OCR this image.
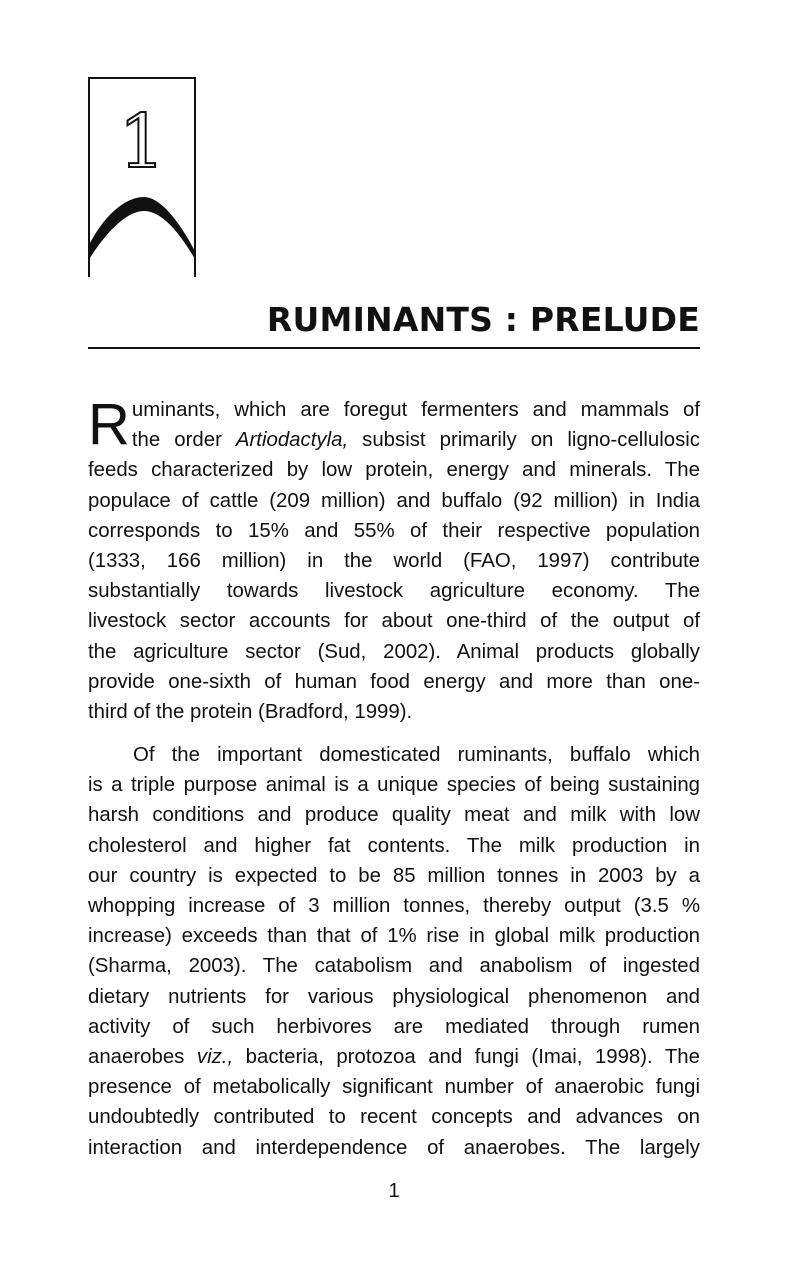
1
RUMINANTS : PRELUDE
R uminants, which are foregut fermenters and mammals of
the order Artiodactyla, subsist primarily on ligno-cellulosic
feeds characterized by low protein, energy and minerals. The
populace of cattle (209 million) and buffalo (92 million) in India
corresponds to 15% and 55% of their respective population
(1333, 166 million) in the world (FAO, 1997) contribute
substantially towards livestock agriculture economy. The
livestock sector accounts for about one-third of the output of
the agriculture sector (Sud, 2002). Animal products globally
provide one-sixth of human food energy and more than one-
third of the protein (Bradford, 1999).
Of the important domesticated ruminants, buffalo which
is a triple purpose animal is a unique species of being sustaining
harsh conditions and produce quality meat and milk with low
cholesterol and higher fat contents. The milk production in
our country is expected to be 85 million tonnes in 2003 by a
whopping increase of 3 million tonnes, thereby output (3.5 %
increase) exceeds than that of 1% rise in global milk production
(Sharma, 2003). The catabolism and anabolism of ingested
dietary nutrients for various physiological phenomenon and
activity of such herbivores are mediated through rumen
anaerobes viz., bacteria, protozoa and fungi (Imai, 1998). The
presence of metabolically significant number of anaerobic fungi
undoubtedly contributed to recent concepts and advances on
interaction and interdependence of anaerobes. The largely
1
